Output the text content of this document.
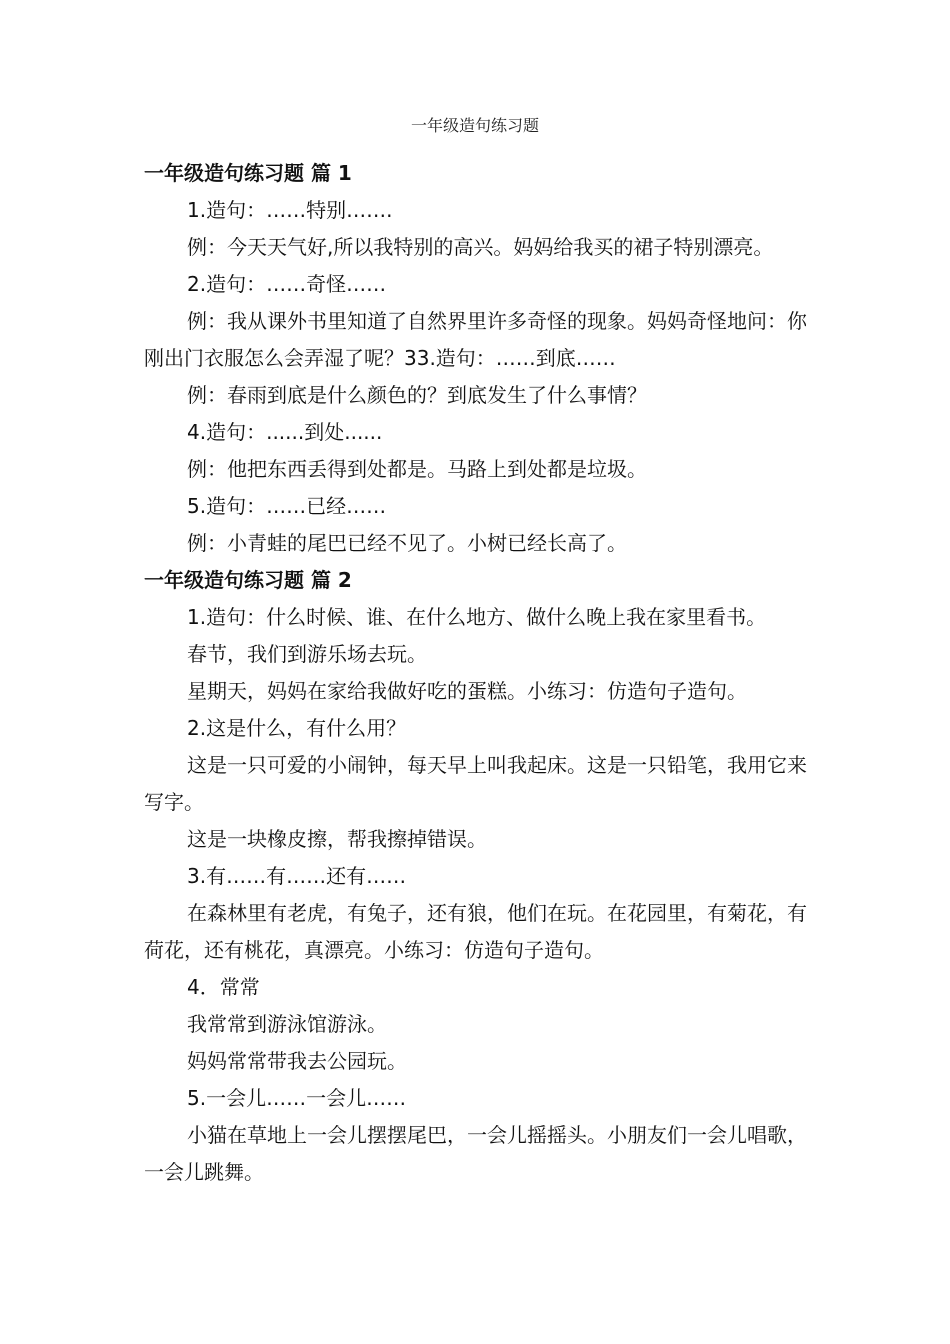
一年级造句练习题

一年级造句练习题 篇 1

1.造句：……特别…….

例：今天天气好,所以我特别的高兴。妈妈给我买的裙子特别漂亮。

2.造句：……奇怪……

例：我从课外书里知道了自然界里许多奇怪的现象。妈妈奇怪地问：你刚出门衣服怎么会弄湿了呢？33.造句：……到底……

例：春雨到底是什么颜色的？到底发生了什么事情？

4.造句：......到处......

例：他把东西丢得到处都是。马路上到处都是垃圾。

5.造句：……已经……

例：小青蛙的尾巴已经不见了。小树已经长高了。

一年级造句练习题 篇 2

1.造句：什么时候、谁、在什么地方、做什么晚上我在家里看书。

春节，我们到游乐场去玩。

星期天，妈妈在家给我做好吃的蛋糕。小练习：仿造句子造句。

2.这是什么，有什么用？

这是一只可爱的小闹钟，每天早上叫我起床。这是一只铅笔，我用它来写字。

这是一块橡皮擦，帮我擦掉错误。

3.有……有……还有……

在森林里有老虎，有兔子，还有狼，他们在玩。在花园里，有菊花，有荷花，还有桃花，真漂亮。小练习：仿造句子造句。

4．常常

我常常到游泳馆游泳。

妈妈常常带我去公园玩。

5.一会儿……一会儿……

小猫在草地上一会儿摆摆尾巴，一会儿摇摇头。小朋友们一会儿唱歌，一会儿跳舞。
